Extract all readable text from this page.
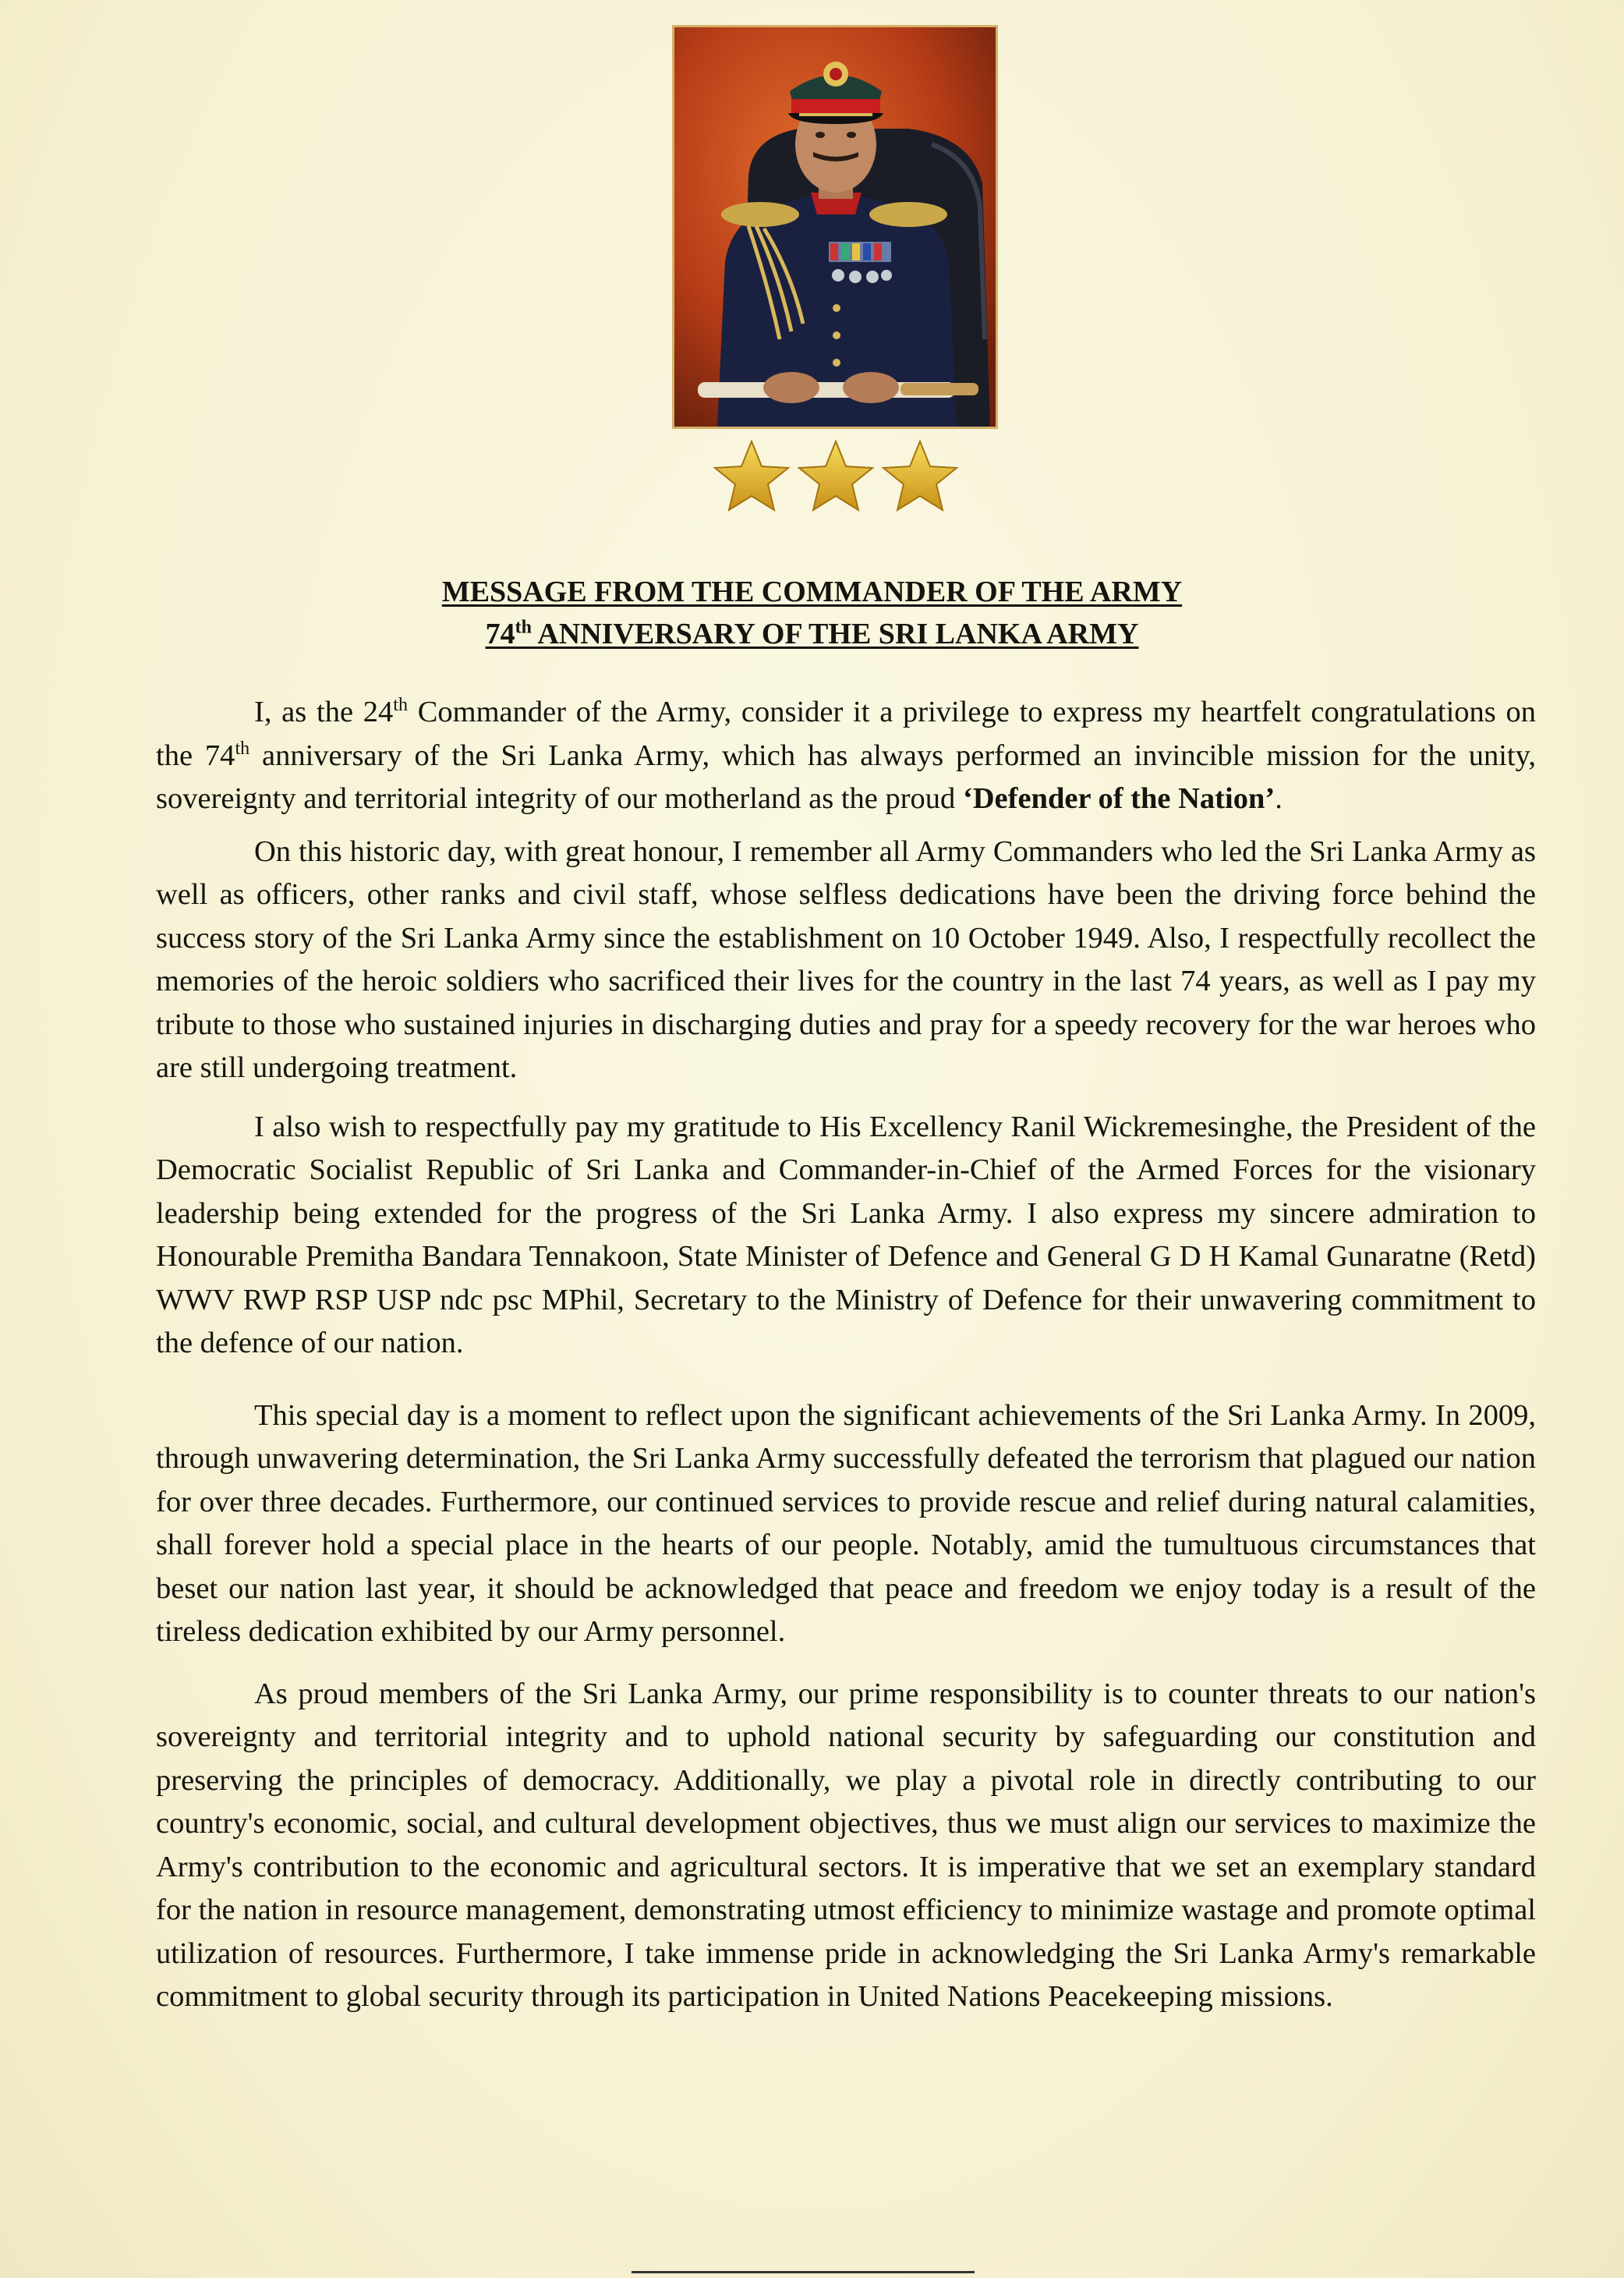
MESSAGE FROM THE COMMANDER OF THE ARMY
74th ANNIVERSARY OF THE SRI LANKA ARMY

I, as the 24th Commander of the Army, consider it a privilege to express my heartfelt congratulations on the 74th anniversary of the Sri Lanka Army, which has always performed an invincible mission for the unity, sovereignty and territorial integrity of our motherland as the proud ‘Defender of the Nation’.

On this historic day, with great honour, I remember all Army Commanders who led the Sri Lanka Army as well as officers, other ranks and civil staff, whose selfless dedications have been the driving force behind the success story of the Sri Lanka Army since the establishment on 10 October 1949. Also, I respectfully recollect the memories of the heroic soldiers who sacrificed their lives for the country in the last 74 years, as well as I pay my tribute to those who sustained injuries in discharging duties and pray for a speedy recovery for the war heroes who are still undergoing treatment.

I also wish to respectfully pay my gratitude to His Excellency Ranil Wickremesinghe, the President of the Democratic Socialist Republic of Sri Lanka and Commander-in-Chief of the Armed Forces for the visionary leadership being extended for the progress of the Sri Lanka Army. I also express my sincere admiration to Honourable Premitha Bandara Tennakoon, State Minister of Defence and General G D H Kamal Gunaratne (Retd) WWV RWP RSP USP ndc psc MPhil, Secretary to the Ministry of Defence for their unwavering commitment to the defence of our nation.

This special day is a moment to reflect upon the significant achievements of the Sri Lanka Army. In 2009, through unwavering determination, the Sri Lanka Army successfully defeated the terrorism that plagued our nation for over three decades. Furthermore, our continued services to provide rescue and relief during natural calamities, shall forever hold a special place in the hearts of our people. Notably, amid the tumultuous circumstances that beset our nation last year, it should be acknowledged that peace and freedom we enjoy today is a result of the tireless dedication exhibited by our Army personnel.

As proud members of the Sri Lanka Army, our prime responsibility is to counter threats to our nation's sovereignty and territorial integrity and to uphold national security by safeguarding our constitution and preserving the principles of democracy. Additionally, we play a pivotal role in directly contributing to our country's economic, social, and cultural development objectives, thus we must align our services to maximize the Army's contribution to the economic and agricultural sectors. It is imperative that we set an exemplary standard for the nation in resource management, demonstrating utmost efficiency to minimize wastage and promote optimal utilization of resources. Furthermore, I take immense pride in acknowledging the Sri Lanka Army's remarkable commitment to global security through its participation in United Nations Peacekeeping missions.
